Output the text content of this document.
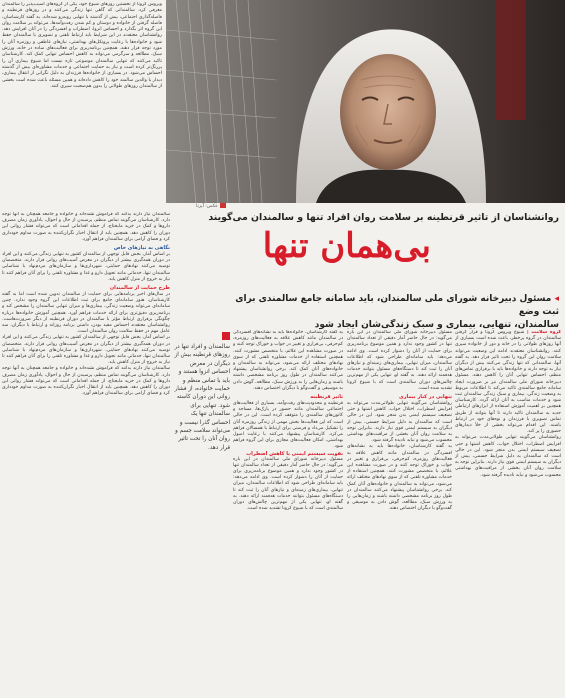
ویروس کرونا از نخستین روزهای شیوع خود، یکی از گروه‌های آسیب‌پذیر را سالمندان معرفی کرد. سالمندانی که گاهی تنها زندگی می‌کنند و در روزهای قرنطینه و فاصله‌گذاری اجتماعی، بیش از گذشته با تنهایی روبه‌رو شده‌اند. به گفته کارشناسان، فاصله گرفتن از خانواده و دوستان و کم شدن رفت‌وآمدها، می‌تواند بر سلامت روان این گروه اثر بگذارد و احساس انزوا، اضطراب و افسردگی را در آنان افزایش دهد. روانشناسان معتقدند در این شرایط باید ارتباط تلفنی و تصویری با سالمندان حفظ شود و خانواده‌ها با رعایت پروتکل‌های بهداشتی، نیازهای عاطفی و روزمره آنان را مورد توجه قرار دهند. همچنین برنامه‌ریزی برای فعالیت‌های ساده در خانه، ورزش سبک، مطالعه و سرگرمی می‌تواند به کاهش احساس تنهایی کمک کند. کارشناسان تاکید می‌کنند که تنهایی سالمندان موضوعی تازه نیست اما شیوع بیماری آن را پررنگ‌تر کرده است و نیاز به حمایت اجتماعی و خدمات مشاوره‌ای بیش از گذشته احساس می‌شود. در بسیاری از خانواده‌ها فرزندان به دلیل نگرانی از انتقال بیماری، دیدار با والدین سالمند خود را کاهش داده‌اند و همین مسئله باعث شده است بخشی از سالمندان روزهای طولانی را بدون هم‌صحبت سپری کنند.
عکس: آیرنا
روانشناسان از تاثیر قرنطینه بر سلامت روان افراد تنها و سالمندان می‌گویند
بی‌همان تنها
◂ مسئول دبیرخانه شورای ملی سالمندان، باید سامانه جامع سالمندی برای ثبت وضع
سالمندان، تنهایی، بیماری و سبک زندگی‌شان ایجاد شود

سالمندان نیاز دارند بدانند که فراموش نشده‌اند و خانواده و جامعه همچنان به آنها توجه دارد. کارشناسان می‌گویند تماس منظم، پرسیدن از حال و احوال، یادآوری زمان مصرف داروها و کمک در خرید مایحتاج، از جمله اقداماتی است که می‌تواند فشار روانی این دوران را کاهش دهد. همچنین باید از انتقال اخبار نگران‌کننده به صورت مداوم خودداری کرد و فضای آرامی برای سالمندان فراهم آورد.

نگاهی به نیازهای خاص

بر اساس آمار، بخش قابل توجهی از سالمندان کشور به تنهایی زندگی می‌کنند و این افراد در دوران همه‌گیری بیشتر از دیگران در معرض آسیب‌های روانی قرار دارند. متخصصان توصیه می‌کنند نهادهای حمایتی، شهرداری‌ها و سازمان‌های مردم‌نهاد با شناسایی سالمندان تنها، خدماتی مانند تحویل دارو و غذا و مشاوره تلفنی را برای آنان فراهم کنند تا نیاز به خروج از منزل کاهش یابد.

طرح حمایت از سالمندان

در سال‌های اخیر برنامه‌هایی برای حمایت از سالمندان تدوین شده است اما به گفته کارشناسان، هنوز سامانه‌ای جامع برای ثبت اطلاعات این گروه وجود ندارد. چنین سامانه‌ای می‌تواند وضعیت زندگی، بیماری‌ها و میزان تنهایی سالمندان را مشخص کند و برنامه‌ریزی دقیق‌تری برای ارائه خدمات فراهم آورد. همچنین آموزش خانواده‌ها درباره چگونگی برقراری ارتباط مؤثر با سالمندان در دوران قرنطینه از دیگر ضرورت‌هاست. روانشناسان معتقدند احساس مفید بودن، داشتن برنامه روزانه و ارتباط با دیگران، سه عامل مهم در حفظ سلامت روان سالمندان است.

بر اساس آمار، بخش قابل توجهی از سالمندان کشور به تنهایی زندگی می‌کنند و این افراد در دوران همه‌گیری بیشتر از دیگران در معرض آسیب‌های روانی قرار دارند. متخصصان توصیه می‌کنند نهادهای حمایتی، شهرداری‌ها و سازمان‌های مردم‌نهاد با شناسایی سالمندان تنها، خدماتی مانند تحویل دارو و غذا و مشاوره تلفنی را برای آنان فراهم کنند تا نیاز به خروج از منزل کاهش یابد.

سالمندان نیاز دارند بدانند که فراموش نشده‌اند و خانواده و جامعه همچنان به آنها توجه دارد. کارشناسان می‌گویند تماس منظم، پرسیدن از حال و احوال، یادآوری زمان مصرف داروها و کمک در خرید مایحتاج، از جمله اقداماتی است که می‌تواند فشار روانی این دوران را کاهش دهد. همچنین باید از انتقال اخبار نگران‌کننده به صورت مداوم خودداری کرد و فضای آرامی برای سالمندان فراهم آورد.

سالمندان و افراد تنها در روزهای قرنطینه بیش از دیگران در معرض احساس انزوا هستند و باید با تماس منظم و حمایت خانواده، از فشار روانی این دوران کاسته شود. تنهایی برای سالمندان تنها یک احساس گذرا نیست و می‌تواند سلامت جسم و روان آنان را تحت تاثیر قرار دهد.

گروه سلامت | شیوع ویروس کرونا و قرار گرفتن سالمندان در گروه پرخطر، باعث شده است بسیاری از آنها روزهای طولانی را در خانه و دور از خانواده سپری کنند. روانشناسان معتقدند ادامه این وضعیت می‌تواند سلامت روان این گروه را تحت تاثیر قرار دهد. به گفته آنها، سالمندانی که تنها زندگی می‌کنند بیش از دیگران نیاز به توجه دارند و خانواده‌ها باید با برقراری تماس‌های منظم، احساس تنهایی آنان را کاهش دهند. مسئول دبیرخانه شورای ملی سالمندان نیز بر ضرورت ایجاد سامانه جامع سالمندی تاکید می‌کند تا اطلاعات مربوط به وضعیت زندگی، بیماری و سبک زندگی سالمندان ثبت شود و خدمات مناسب به آنان ارائه گردد. کارشناسان همچنین بر اهمیت آموزش استفاده از ابزارهای ارتباطی جدید به سالمندان تاکید دارند تا آنها بتوانند از طریق تماس تصویری با فرزندان و نوه‌های خود در ارتباط باشند. این اقدام می‌تواند بخشی از خلأ دیدارهای حضوری را پر کند.

روانشناسان می‌گویند تنهایی طولانی‌مدت می‌تواند به افزایش اضطراب، اختلال خواب، کاهش اشتها و حتی تضعیف سیستم ایمنی بدن منجر شود. این در حالی است که سالمندان به دلیل شرایط جسمی، بیش از دیگران به سیستم ایمنی قوی نیاز دارند. بنابراین توجه به سلامت روان آنان بخشی از مراقبت‌های بهداشتی محسوب می‌شود و نباید نادیده گرفته شود.

مسئول دبیرخانه شورای ملی سالمندان در این باره می‌گوید: در حال حاضر آمار دقیقی از تعداد سالمندان تنها در کشور وجود ندارد و همین موضوع برنامه‌ریزی برای حمایت از آنان را دشوار کرده است. وی ادامه می‌دهد: باید سامانه‌ای طراحی شود که اطلاعات سالمندان، میزان تنهایی، بیماری‌های زمینه‌ای و نیازهای آنان را ثبت کند تا دستگاه‌های مسئول بتوانند خدمات هدفمند ارائه دهند. به گفته او، تنهایی یکی از مهم‌ترین چالش‌های دوران سالمندی است که با شیوع کرونا تشدید شده است.

تنهایی در کنار بیماری

روانشناسان می‌گویند تنهایی طولانی‌مدت می‌تواند به افزایش اضطراب، اختلال خواب، کاهش اشتها و حتی تضعیف سیستم ایمنی بدن منجر شود. این در حالی است که سالمندان به دلیل شرایط جسمی، بیش از دیگران به سیستم ایمنی قوی نیاز دارند. بنابراین توجه به سلامت روان آنان بخشی از مراقبت‌های بهداشتی محسوب می‌شود و نباید نادیده گرفته شود.

به گفته کارشناسان، خانواده‌ها باید به نشانه‌های افسردگی در سالمندان مانند کاهش علاقه به فعالیت‌های روزمره، کم‌حرفی، بی‌قراری و تغییر در خواب و خوراک توجه کنند و در صورت مشاهده این علائم، با متخصص مشورت کنند. همچنین استفاده از خدمات مشاوره تلفنی که از سوی نهادهای مختلف ارائه می‌شود، می‌تواند به سالمندان و خانواده‌های آنان کمک کند. برخی روانشناسان پیشنهاد می‌کنند سالمندان در طول روز برنامه مشخصی داشته باشند و زمان‌هایی را به ورزش سبک، مطالعه، گوش دادن به موسیقی و گفت‌وگو با دیگران اختصاص دهند.

به گفته کارشناسان، خانواده‌ها باید به نشانه‌های افسردگی در سالمندان مانند کاهش علاقه به فعالیت‌های روزمره، کم‌حرفی، بی‌قراری و تغییر در خواب و خوراک توجه کنند و در صورت مشاهده این علائم، با متخصص مشورت کنند. همچنین استفاده از خدمات مشاوره تلفنی که از سوی نهادهای مختلف ارائه می‌شود، می‌تواند به سالمندان و خانواده‌های آنان کمک کند. برخی روانشناسان پیشنهاد می‌کنند سالمندان در طول روز برنامه مشخصی داشته باشند و زمان‌هایی را به ورزش سبک، مطالعه، گوش دادن به موسیقی و گفت‌وگو با دیگران اختصاص دهند.

تاثیر قرنطینه

قرنطینه و محدودیت‌های رفت‌وآمد، بسیاری از فعالیت‌های اجتماعی سالمندان مانند حضور در پارک‌ها، مساجد و کانون‌های سالمندی را متوقف کرده است. این در حالی است که این فعالیت‌ها بخش مهمی از زندگی روزمره آنان را تشکیل می‌داد و فرصتی برای ارتباط با همسالان فراهم می‌کرد. کارشناسان پیشنهاد می‌کنند با رعایت اصول بهداشتی، امکان فعالیت‌های مجازی برای این گروه فراهم شود.

تقویت سیستم ایمنی با کاهش اضطراب

مسئول دبیرخانه شورای ملی سالمندان در این باره می‌گوید: در حال حاضر آمار دقیقی از تعداد سالمندان تنها در کشور وجود ندارد و همین موضوع برنامه‌ریزی برای حمایت از آنان را دشوار کرده است. وی ادامه می‌دهد: باید سامانه‌ای طراحی شود که اطلاعات سالمندان، میزان تنهایی، بیماری‌های زمینه‌ای و نیازهای آنان را ثبت کند تا دستگاه‌های مسئول بتوانند خدمات هدفمند ارائه دهند. به گفته او، تنهایی یکی از مهم‌ترین چالش‌های دوران سالمندی است که با شیوع کرونا تشدید شده است.
